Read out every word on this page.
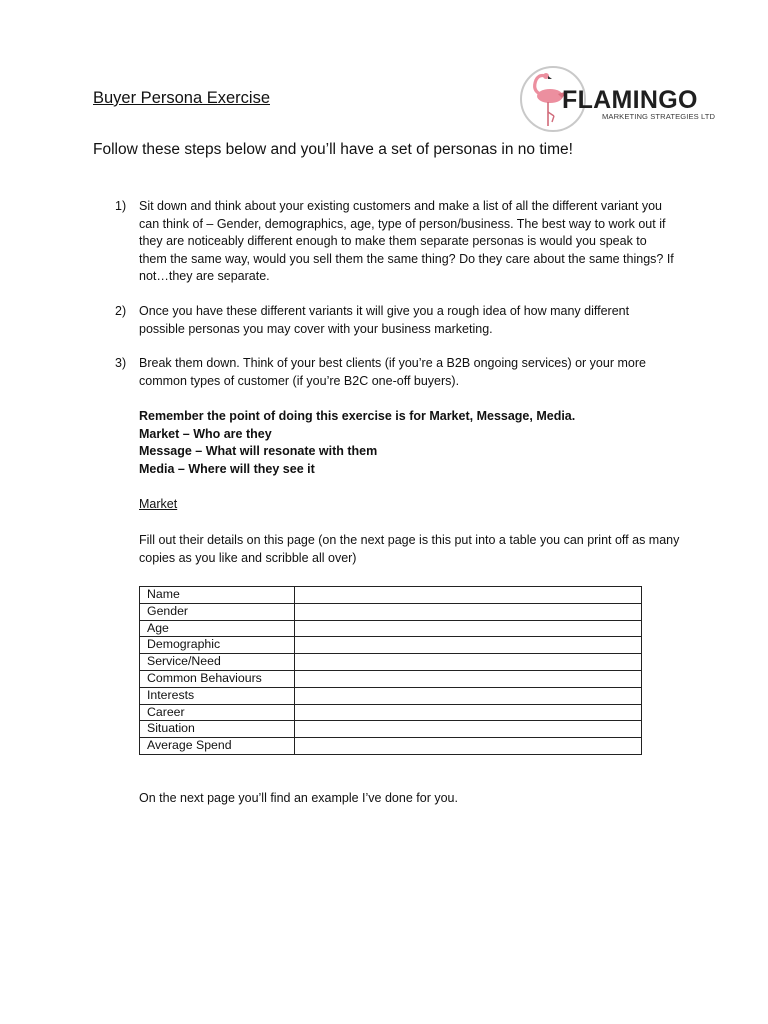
Buyer Persona Exercise	FLAMINGO
MARKETING STRATEGIES LTD
Follow these steps below and you’ll have a set of personas in no time!
1) Sit down and think about your existing customers and make a list of all the different variant you can think of – Gender, demographics, age, type of person/business. The best way to work out if they are noticeably different enough to make them separate personas is would you speak to them the same way, would you sell them the same thing? Do they care about the same things? If not…they are separate.
2) Once you have these different variants it will give you a rough idea of how many different possible personas you may cover with your business marketing.
3) Break them down. Think of your best clients (if you’re a B2B ongoing services) or your more common types of customer (if you’re B2C one-off buyers).
Remember the point of doing this exercise is for Market, Message, Media.
Market – Who are they
Message – What will resonate with them
Media – Where will they see it
Market
Fill out their details on this page (on the next page is this put into a table you can print off as many copies as you like and scribble all over)
Name	
Gender	
Age	
Demographic	
Service/Need	
Common Behaviours	
Interests	
Career	
Situation	
Average Spend	
On the next page you’ll find an example I’ve done for you.
